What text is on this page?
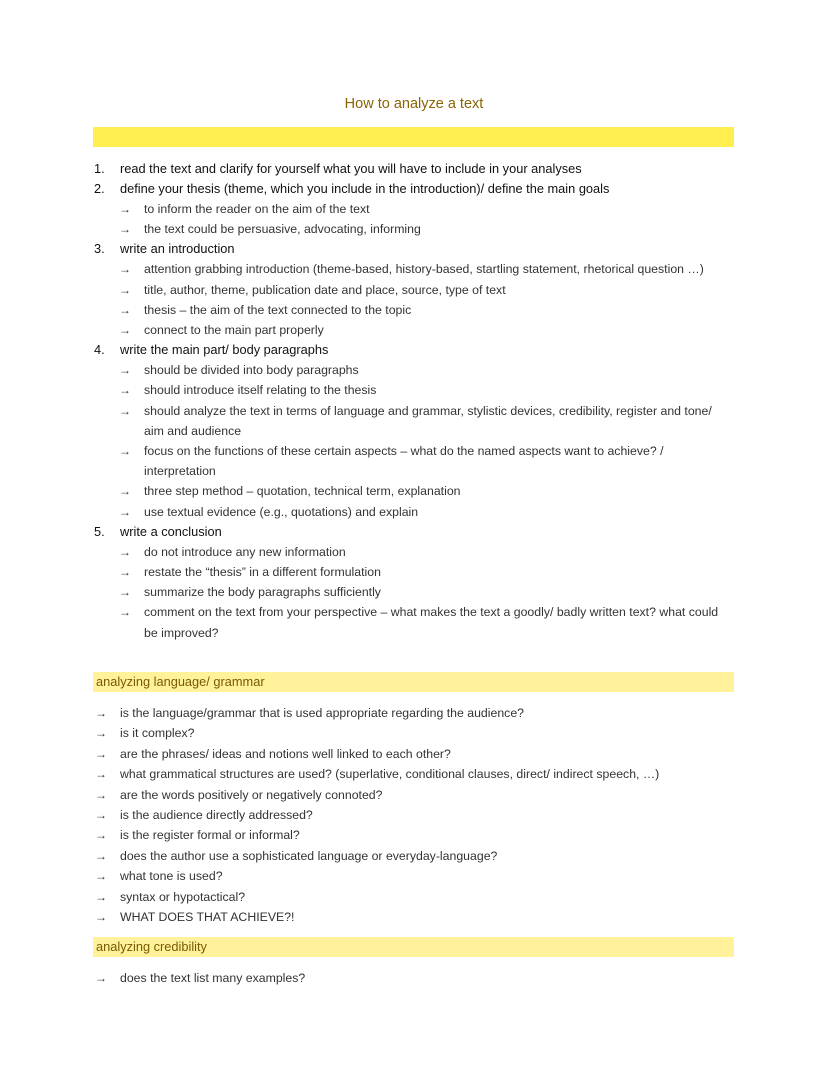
How to analyze a text
1.	read the text and clarify for yourself what you will have to include in your analyses
2.	define your thesis (theme, which you include in the introduction)/ define the main goals
→ to inform the reader on the aim of the text
→ the text could be persuasive, advocating, informing
3.	write an introduction
→ attention grabbing introduction (theme-based, history-based, startling statement, rhetorical question …)
→ title, author, theme, publication date and place, source, type of text
→ thesis – the aim of the text connected to the topic
→ connect to the main part properly
4.	write the main part/ body paragraphs
→ should be divided into body paragraphs
→ should introduce itself relating to the thesis
→ should analyze the text in terms of language and grammar, stylistic devices, credibility, register and tone/ aim and audience
→ focus on the functions of these certain aspects – what do the named aspects want to achieve? / interpretation
→ three step method – quotation, technical term, explanation
→ use textual evidence (e.g., quotations) and explain
5.	write a conclusion
→ do not introduce any new information
→ restate the “thesis” in a different formulation
→ summarize the body paragraphs sufficiently
→ comment on the text from your perspective – what makes the text a goodly/ badly written text? what could be improved?
analyzing language/ grammar
→ is the language/grammar that is used appropriate regarding the audience?
→ is it complex?
→ are the phrases/ ideas and notions well linked to each other?
→ what grammatical structures are used? (superlative, conditional clauses, direct/ indirect speech, …)
→ are the words positively or negatively connoted?
→ is the audience directly addressed?
→ is the register formal or informal?
→ does the author use a sophisticated language or everyday-language?
→ what tone is used?
→ syntax or hypotactical?
→ WHAT DOES THAT ACHIEVE?!
analyzing credibility
→ does the text list many examples?
